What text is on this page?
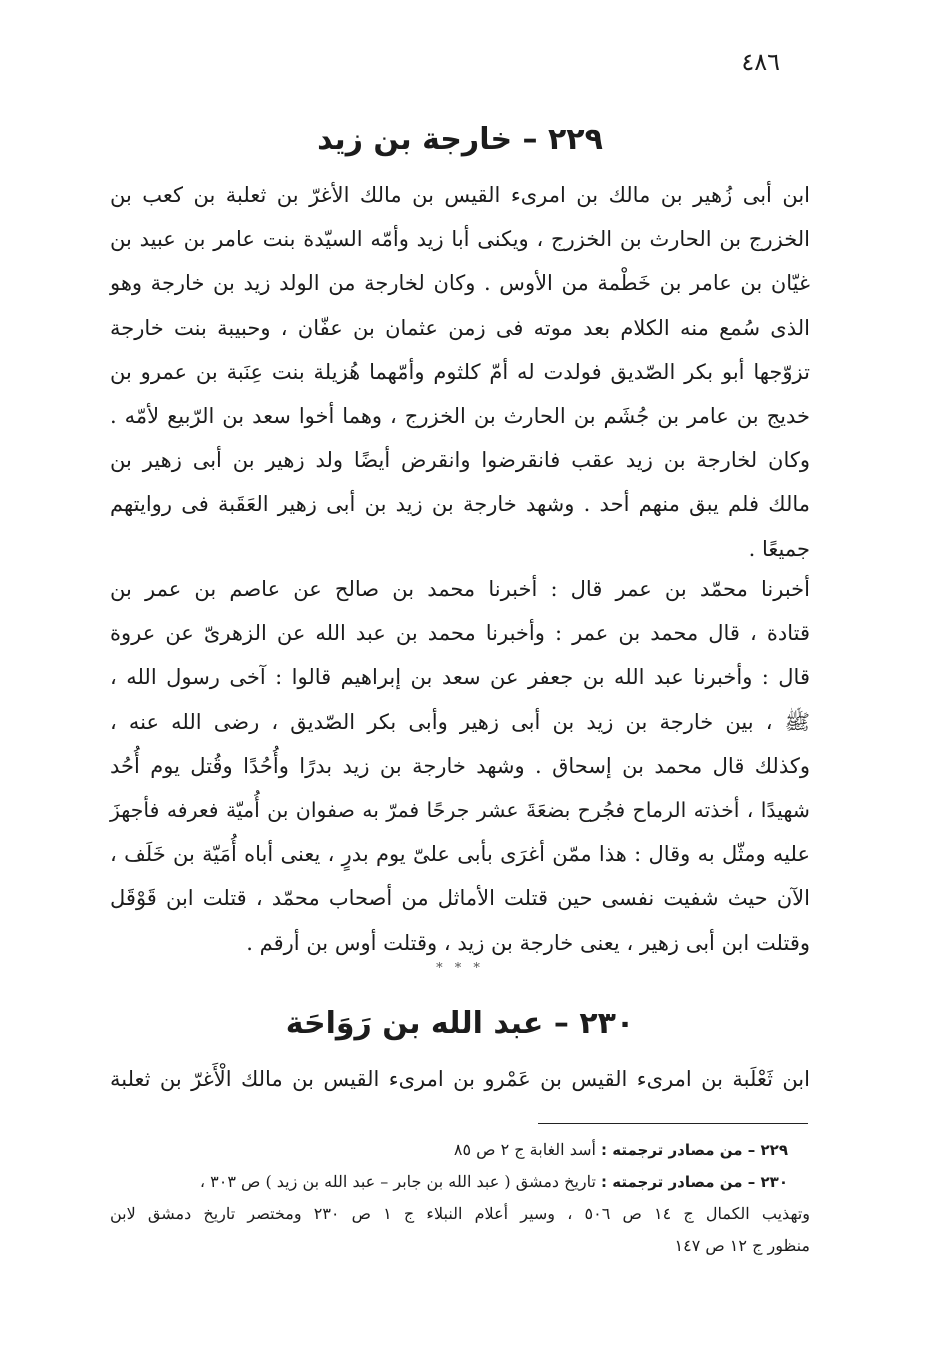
٤٨٦
٢٢٩ – خارجة بن زيد
ابن أبى زُهير بن مالك بن امرىء القيس بن مالك الأغرّ بن ثعلبة بن كعب بن
الخزرج بن الحارث بن الخزرج ، ويكنى أبا زيد وأمّه السيّدة بنت عامر بن عبيد بن
غيّان بن عامر بن خَطْمة من الأوس . وكان لخارجة من الولد زيد بن خارجة وهو
الذى سُمع منه الكلام بعد موته فى زمن عثمان بن عفّان ، وحبيبة بنت خارجة
تزوّجها أبو بكر الصّديق فولدت له أمّ كلثوم وأمّهما هُزيلة بنت عِنَبة بن عمرو بن
خديج بن عامر بن جُشَم بن الحارث بن الخزرج ، وهما أخوا سعد بن الرّبيع لأمّه .
وكان لخارجة بن زيد عقب فانقرضوا وانقرض أيضًا ولد زهير بن أبى زهير بن
مالك فلم يبق منهم أحد . وشهد خارجة بن زيد بن أبى زهير العَقَبة فى روايتهم
جميعًا .
أخبرنا محمّد بن عمر قال : أخبرنا محمد بن صالح عن عاصم بن عمر بن
قتادة ، قال محمد بن عمر : وأخبرنا محمد بن عبد الله عن الزهرىّ عن عروة
قال : وأخبرنا عبد الله بن جعفر عن سعد بن إبراهيم قالوا : آخى رسول الله ،
ﷺ ، بين خارجة بن زيد بن أبى زهير وأبى بكر الصّديق ، رضى الله عنه ،
وكذلك قال محمد بن إسحاق . وشهد خارجة بن زيد بدرًا وأُحُدًا وقُتل يوم أُحُد
شهيدًا ، أخذته الرماح فجُرح بضعَةَ عشر جرحًا فمرّ به صفوان بن أُميّة فعرفه فأجهزَ
عليه ومثّل به وقال : هذا ممّن أغرَى بأبى علىّ يوم بدرٍ ، يعنى أباه أُمَيّة بن خَلَف ،
الآن حيث شفيت نفسى حين قتلت الأماثل من أصحاب محمّد ، قتلت ابن قَوْقَل
وقتلت ابن أبى زهير ، يعنى خارجة بن زيد ، وقتلت أوس بن أرقم .
* * *
٢٣٠ – عبد الله بن رَوَاحَة
ابن ثَعْلَبة بن امرىء القيس بن عَمْرو بن امرىء القيس بن مالك الْأَغرّ بن ثعلبة
٢٢٩ – من مصادر ترجمته : أسد الغابة ج ٢ ص ٨٥
٢٣٠ – من مصادر ترجمته : تاريخ دمشق ( عبد الله بن جابر – عبد الله بن زيد ) ص ٣٠٣ ،
وتهذيب الكمال ج ١٤ ص ٥٠٦ ، وسير أعلام النبلاء ج ١ ص ٢٣٠ ومختصر تاريخ دمشق لابن
منظور ج ١٢ ص ١٤٧
